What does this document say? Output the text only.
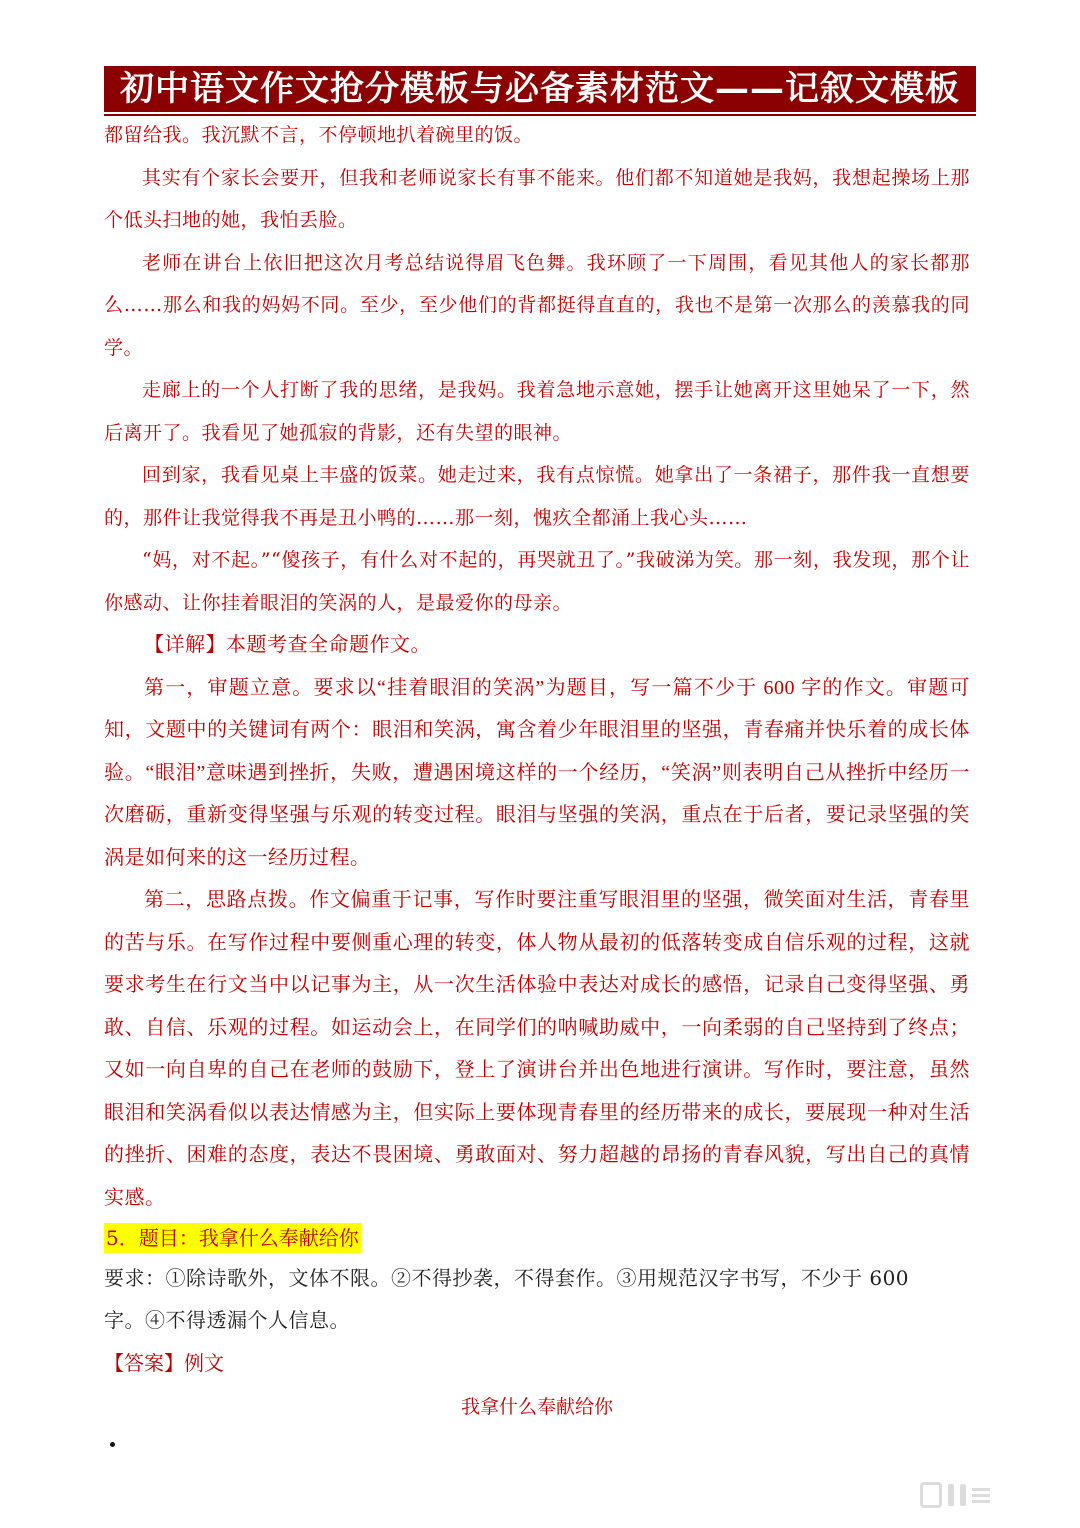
初中语文作文抢分模板与必备素材范文——记叙文模板

都留给我。我沉默不言，不停顿地扒着碗里的饭。

其实有个家长会要开，但我和老师说家长有事不能来。他们都不知道她是我妈，我想起操场上那个低头扫地的她，我怕丢脸。

老师在讲台上依旧把这次月考总结说得眉飞色舞。我环顾了一下周围，看见其他人的家长都那么……那么和我的妈妈不同。至少，至少他们的背都挺得直直的，我也不是第一次那么的羡慕我的同学。

走廊上的一个人打断了我的思绪，是我妈。我着急地示意她，摆手让她离开这里她呆了一下，然后离开了。我看见了她孤寂的背影，还有失望的眼神。

回到家，我看见桌上丰盛的饭菜。她走过来，我有点惊慌。她拿出了一条裙子，那件我一直想要的，那件让我觉得我不再是丑小鸭的……那一刻，愧疚全都涌上我心头……

“妈，对不起。”“傻孩子，有什么对不起的，再哭就丑了。”我破涕为笑。那一刻，我发现，那个让你感动、让你挂着眼泪的笑涡的人，是最爱你的母亲。

【详解】本题考查全命题作文。

第一，审题立意。要求以“挂着眼泪的笑涡”为题目，写一篇不少于 600 字的作文。审题可知，文题中的关键词有两个：眼泪和笑涡，寓含着少年眼泪里的坚强，青春痛并快乐着的成长体验。“眼泪”意味遇到挫折，失败，遭遇困境这样的一个经历，“笑涡”则表明自己从挫折中经历一次磨砺，重新变得坚强与乐观的转变过程。眼泪与坚强的笑涡，重点在于后者，要记录坚强的笑涡是如何来的这一经历过程。

第二，思路点拨。作文偏重于记事，写作时要注重写眼泪里的坚强，微笑面对生活，青春里的苦与乐。在写作过程中要侧重心理的转变，体人物从最初的低落转变成自信乐观的过程，这就要求考生在行文当中以记事为主，从一次生活体验中表达对成长的感悟，记录自己变得坚强、勇敢、自信、乐观的过程。如运动会上，在同学们的呐喊助威中，一向柔弱的自己坚持到了终点；又如一向自卑的自己在老师的鼓励下，登上了演讲台并出色地进行演讲。写作时，要注意，虽然眼泪和笑涡看似以表达情感为主，但实际上要体现青春里的经历带来的成长，要展现一种对生活的挫折、困难的态度，表达不畏困境、勇敢面对、努力超越的昂扬的青春风貌，写出自己的真情实感。

5．题目：我拿什么奉献给你

要求：①除诗歌外，文体不限。②不得抄袭，不得套作。③用规范汉字书写，不少于 600

字。④不得透漏个人信息。

【答案】例文

我拿什么奉献给你
